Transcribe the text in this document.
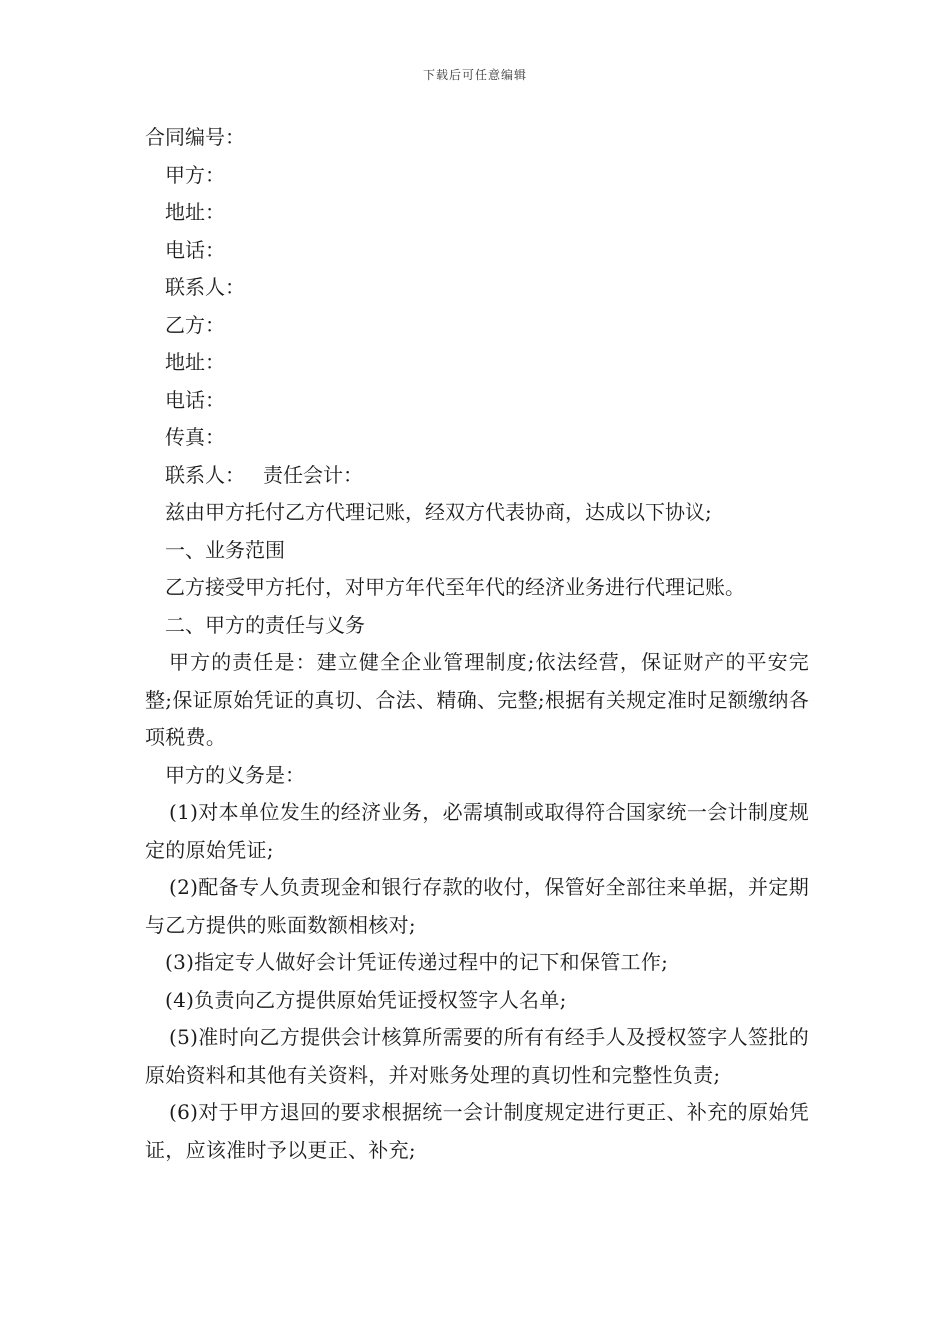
下载后可任意编辑

合同编号：

甲方：

地址：

电话：

联系人：

乙方：

地址：

电话：

传真：

联系人： 责任会计：

兹由甲方托付乙方代理记账，经双方代表协商，达成以下协议;

一、业务范围

乙方接受甲方托付，对甲方年代至年代的经济业务进行代理记账。

二、甲方的责任与义务

甲方的责任是：建立健全企业管理制度;依法经营，保证财产的平安完整;保证原始凭证的真切、合法、精确、完整;根据有关规定准时足额缴纳各项税费。

甲方的义务是：

(1)对本单位发生的经济业务，必需填制或取得符合国家统一会计制度规定的原始凭证;

(2)配备专人负责现金和银行存款的收付，保管好全部往来单据，并定期与乙方提供的账面数额相核对;

(3)指定专人做好会计凭证传递过程中的记下和保管工作;

(4)负责向乙方提供原始凭证授权签字人名单;

(5)准时向乙方提供会计核算所需要的所有有经手人及授权签字人签批的原始资料和其他有关资料，并对账务处理的真切性和完整性负责;

(6)对于甲方退回的要求根据统一会计制度规定进行更正、补充的原始凭证，应该准时予以更正、补充;
